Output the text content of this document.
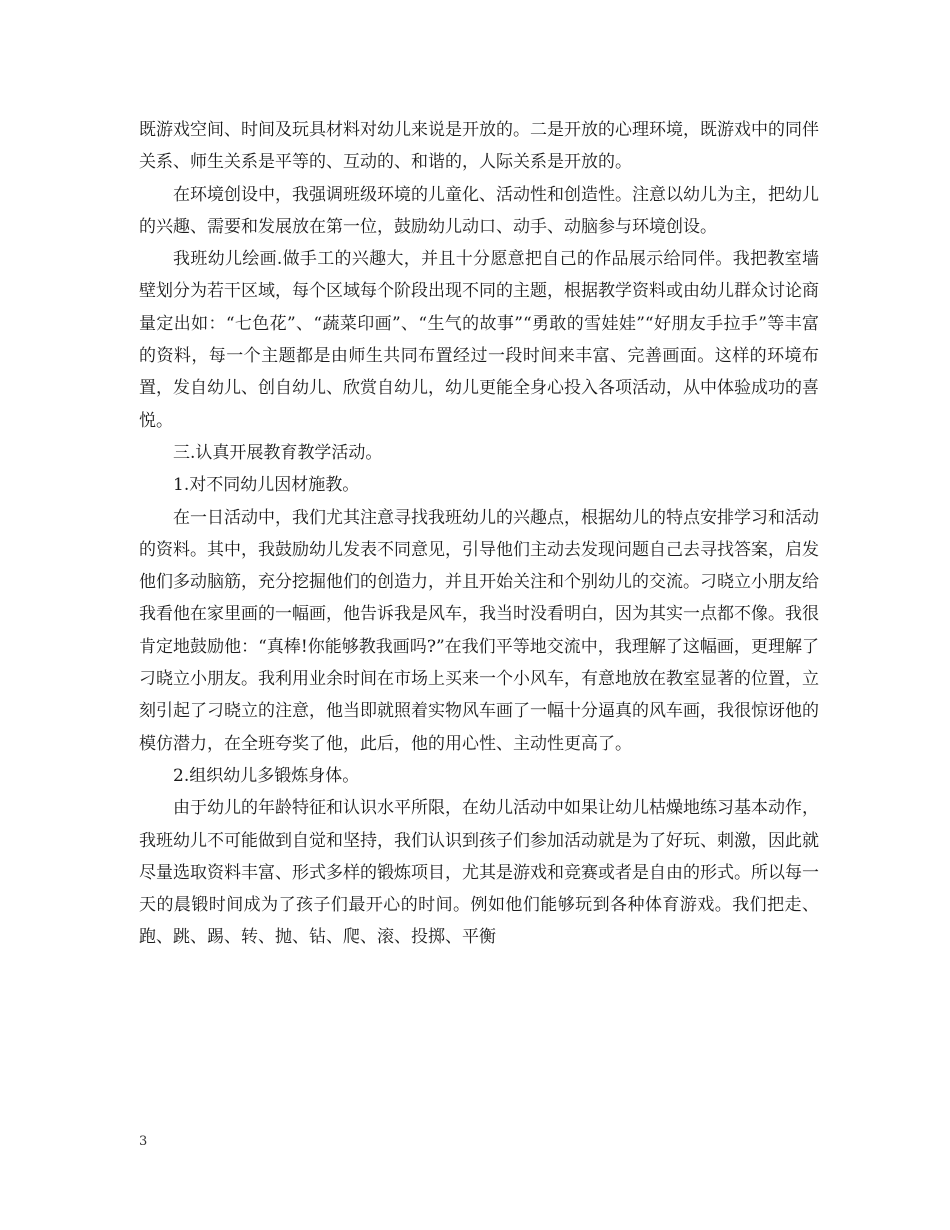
既游戏空间、时间及玩具材料对幼儿来说是开放的。二是开放的心理环境，既游戏中的同伴关系、师生关系是平等的、互动的、和谐的，人际关系是开放的。

在环境创设中，我强调班级环境的儿童化、活动性和创造性。注意以幼儿为主，把幼儿的兴趣、需要和发展放在第一位，鼓励幼儿动口、动手、动脑参与环境创设。

我班幼儿绘画.做手工的兴趣大，并且十分愿意把自己的作品展示给同伴。我把教室墙壁划分为若干区域，每个区域每个阶段出现不同的主题，根据教学资料或由幼儿群众讨论商量定出如：“七色花”、“蔬菜印画”、“生气的故事”“勇敢的雪娃娃”“好朋友手拉手”等丰富的资料，每一个主题都是由师生共同布置经过一段时间来丰富、完善画面。这样的环境布置，发自幼儿、创自幼儿、欣赏自幼儿，幼儿更能全身心投入各项活动，从中体验成功的喜悦。

三.认真开展教育教学活动。

1.对不同幼儿因材施教。

在一日活动中，我们尤其注意寻找我班幼儿的兴趣点，根据幼儿的特点安排学习和活动的资料。其中，我鼓励幼儿发表不同意见，引导他们主动去发现问题自己去寻找答案，启发他们多动脑筋，充分挖掘他们的创造力，并且开始关注和个别幼儿的交流。刁晓立小朋友给我看他在家里画的一幅画，他告诉我是风车，我当时没看明白，因为其实一点都不像。我很肯定地鼓励他：“真棒!你能够教我画吗?”在我们平等地交流中，我理解了这幅画，更理解了刁晓立小朋友。我利用业余时间在市场上买来一个小风车，有意地放在教室显著的位置，立刻引起了刁晓立的注意，他当即就照着实物风车画了一幅十分逼真的风车画，我很惊讶他的模仿潜力，在全班夸奖了他，此后，他的用心性、主动性更高了。

2.组织幼儿多锻炼身体。

由于幼儿的年龄特征和认识水平所限，在幼儿活动中如果让幼儿枯燥地练习基本动作，我班幼儿不可能做到自觉和坚持，我们认识到孩子们参加活动就是为了好玩、刺激，因此就尽量选取资料丰富、形式多样的锻炼项目，尤其是游戏和竞赛或者是自由的形式。所以每一天的晨锻时间成为了孩子们最开心的时间。例如他们能够玩到各种体育游戏。我们把走、跑、跳、踢、转、抛、钻、爬、滚、投掷、平衡

3
